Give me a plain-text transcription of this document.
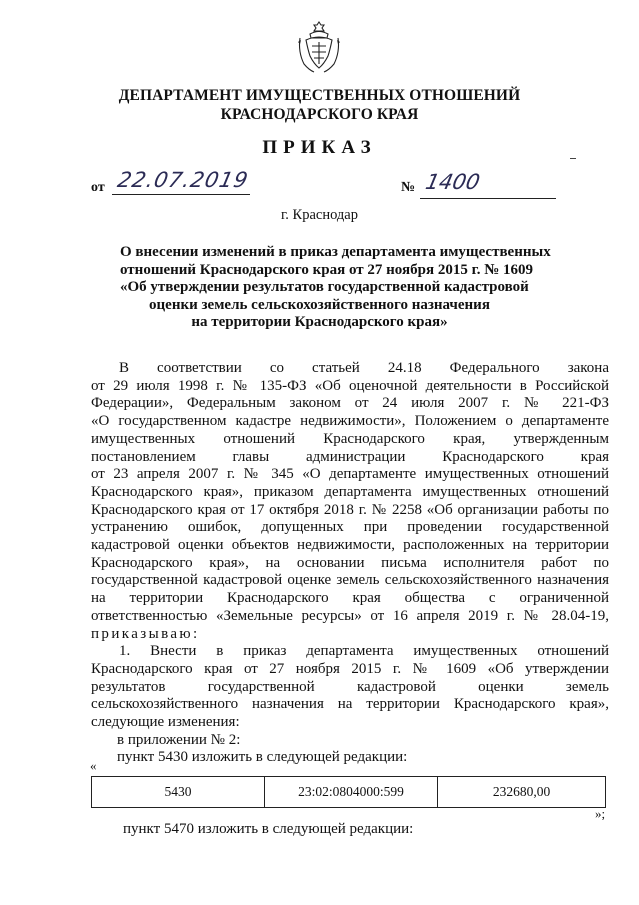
ДЕПАРТАМЕНТ ИМУЩЕСТВЕННЫХ ОТНОШЕНИЙ
КРАСНОДАРСКОГО КРАЯ
ПРИКАЗ
от 22.07.2019	№ 1400
г. Краснодар
О внесении изменений в приказ департамента имущественных
отношений Краснодарского края от 27 ноября 2015 г. № 1609
«Об утверждении результатов государственной кадастровой
оценки земель сельскохозяйственного назначения
на территории Краснодарского края»
В соответствии со статьей 24.18 Федерального закона
от 29 июля 1998 г. № 135-ФЗ «Об оценочной деятельности в Российской
Федерации», Федеральным законом от 24 июля 2007 г. № 221-ФЗ
«О государственном кадастре недвижимости», Положением о департаменте
имущественных отношений Краснодарского края, утвержденным
постановлением главы администрации Краснодарского края
от 23 апреля 2007 г. № 345 «О департаменте имущественных отношений
Краснодарского края», приказом департамента имущественных отношений
Краснодарского края от 17 октября 2018 г. № 2258 «Об организации работы по
устранению ошибок, допущенных при проведении государственной
кадастровой оценки объектов недвижимости, расположенных на территории
Краснодарского края», на основании письма исполнителя работ по
государственной кадастровой оценке земель сельскохозяйственного назначения
на территории Краснодарского края общества с ограниченной
ответственностью «Земельные ресурсы» от 16 апреля 2019 г. № 28.04-19,
приказываю:
1. Внести в приказ департамента имущественных отношений
Краснодарского края от 27 ноября 2015 г. № 1609 «Об утверждении
результатов государственной кадастровой оценки земель
сельскохозяйственного назначения на территории Краснодарского края»,
следующие изменения:
в приложении № 2:
пункт 5430 изложить в следующей редакции:
«
5430	23:02:0804000:599	232680,00
»;
пункт 5470 изложить в следующей редакции:
